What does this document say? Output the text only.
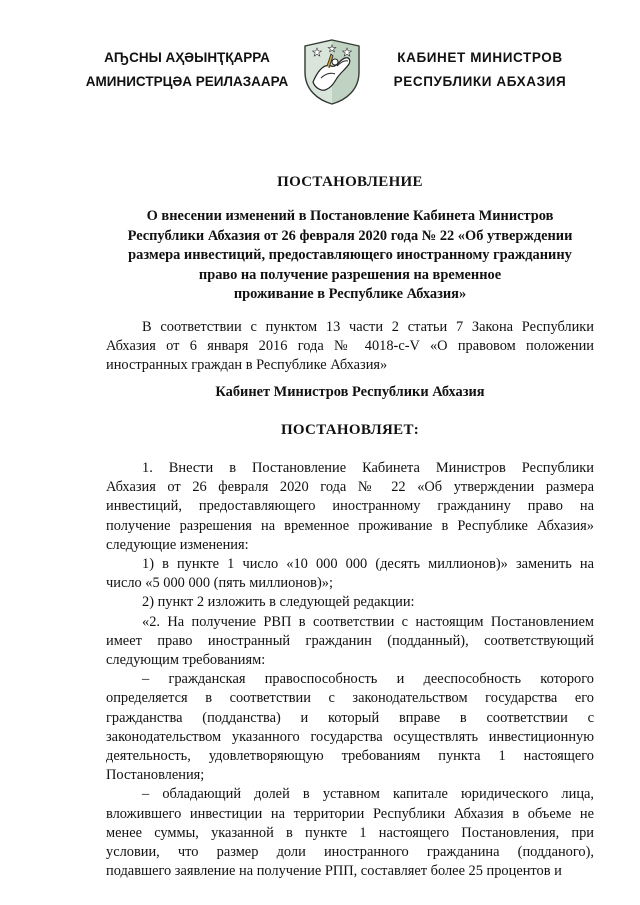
АҦСНЫ АҲӘЫНҬҚАРРА
АМИНИСТРЦӘА РЕИЛАЗААРА
КАБИНЕТ МИНИСТРОВ
РЕСПУБЛИКИ АБХАЗИЯ
ПОСТАНОВЛЕНИЕ
О внесении изменений в Постановление Кабинета Министров
Республики Абхазия от 26 февраля 2020 года № 22 «Об утверждении
размера инвестиций, предоставляющего иностранному гражданину
право на получение разрешения на временное
проживание в Республике Абхазия»
В соответствии с пунктом 13 части 2 статьи 7 Закона Республики
Абхазия от 6 января 2016 года № 4018-с-V «О правовом положении
иностранных граждан в Республике Абхазия»
Кабинет Министров Республики Абхазия
ПОСТАНОВЛЯЕТ:
1. Внести в Постановление Кабинета Министров Республики
Абхазия от 26 февраля 2020 года № 22 «Об утверждении размера
инвестиций, предоставляющего иностранному гражданину право на
получение разрешения на временное проживание в Республике Абхазия»
следующие изменения:
1) в пункте 1 число «10 000 000 (десять миллионов)» заменить на
число «5 000 000 (пять миллионов)»;
2) пункт 2 изложить в следующей редакции:
«2. На получение РВП в соответствии с настоящим Постановлением
имеет право иностранный гражданин (подданный), соответствующий
следующим требованиям:
– гражданская правоспособность и дееспособность которого
определяется в соответствии с законодательством государства его
гражданства (подданства) и который вправе в соответствии с
законодательством указанного государства осуществлять инвестиционную
деятельность, удовлетворяющую требованиям пункта 1 настоящего
Постановления;
– обладающий долей в уставном капитале юридического лица,
вложившего инвестиции на территории Республики Абхазия в объеме не
менее суммы, указанной в пункте 1 настоящего Постановления, при
условии, что размер доли иностранного гражданина (подданого),
подавшего заявление на получение РПП, составляет более 25 процентов и
